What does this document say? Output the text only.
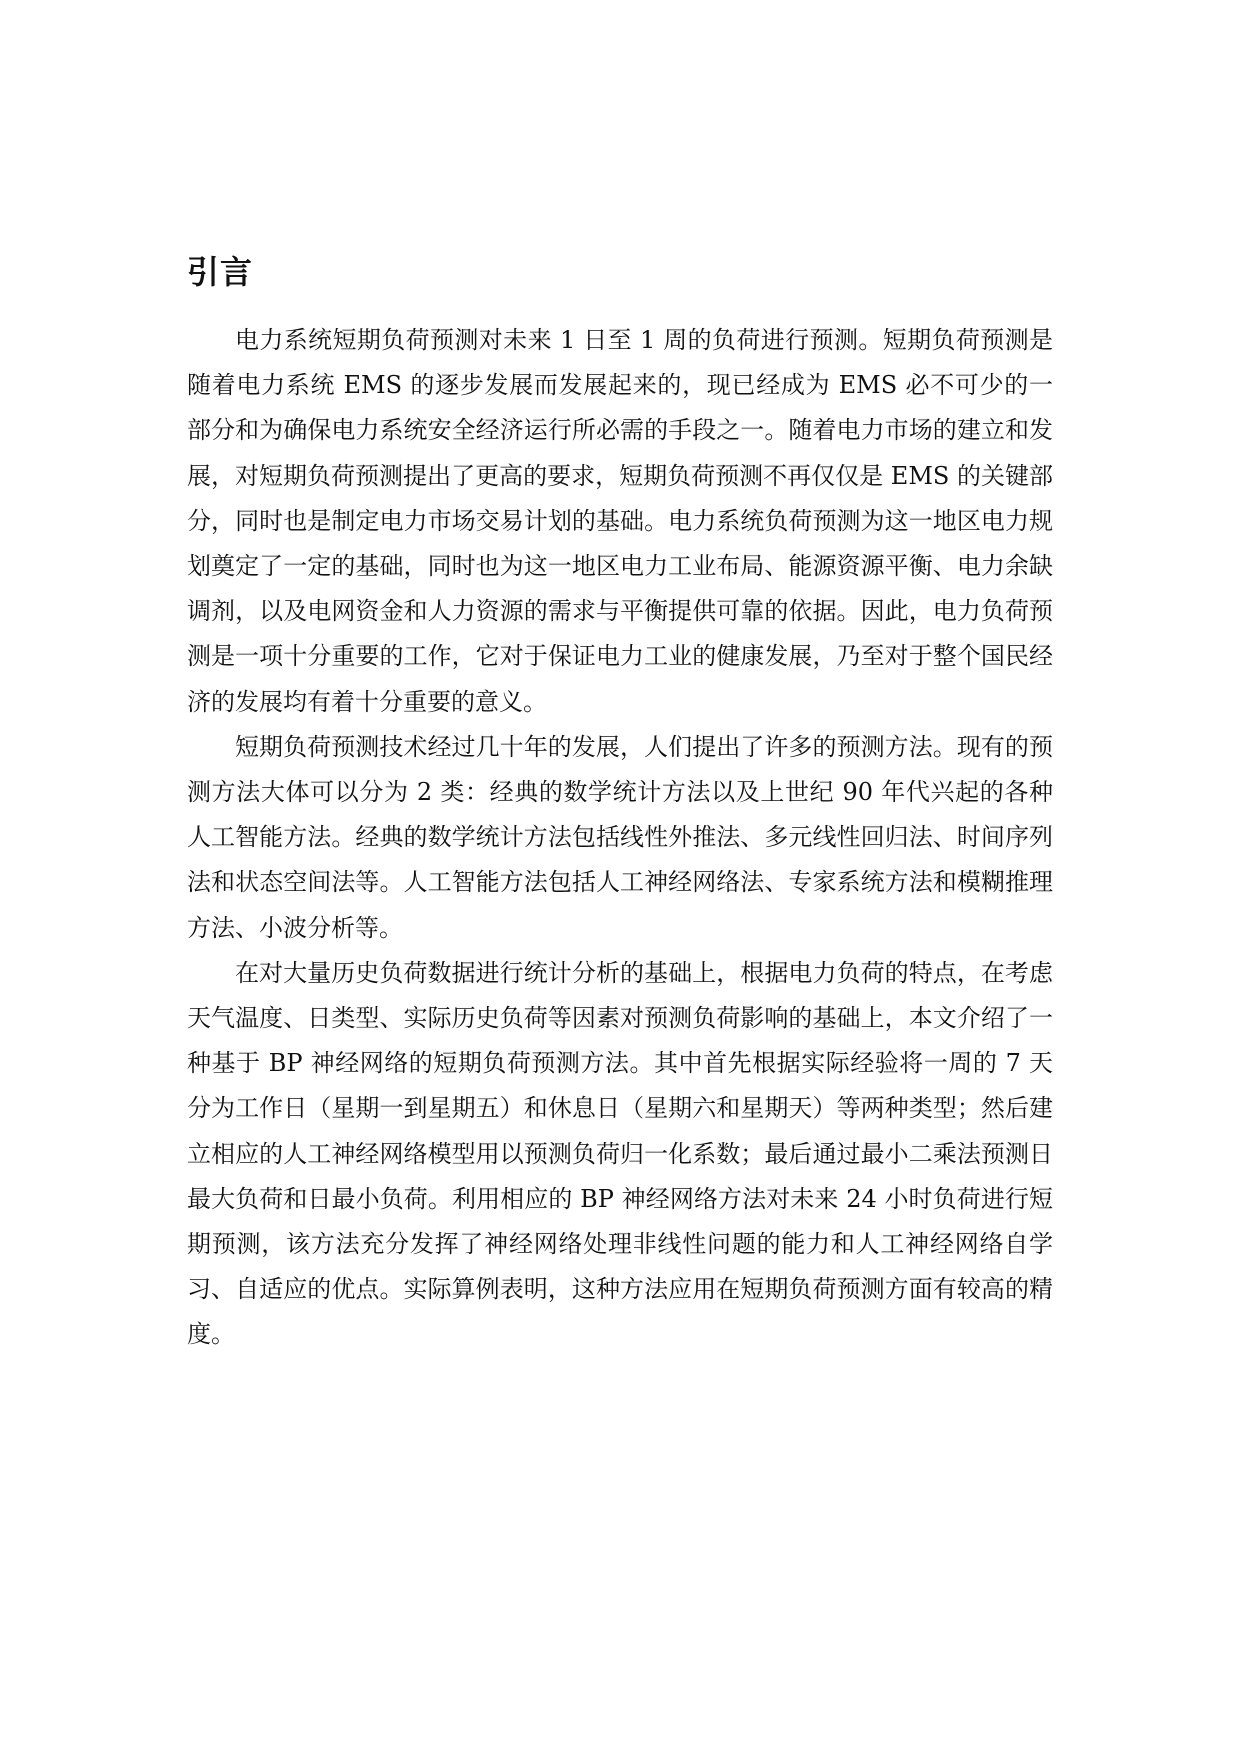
引言

电力系统短期负荷预测对未来 1 日至 1 周的负荷进行预测。短期负荷预测是随着电力系统 EMS 的逐步发展而发展起来的，现已经成为 EMS 必不可少的一部分和为确保电力系统安全经济运行所必需的手段之一。随着电力市场的建立和发展，对短期负荷预测提出了更高的要求，短期负荷预测不再仅仅是 EMS 的关键部分，同时也是制定电力市场交易计划的基础。电力系统负荷预测为这一地区电力规划奠定了一定的基础，同时也为这一地区电力工业布局、能源资源平衡、电力余缺调剂，以及电网资金和人力资源的需求与平衡提供可靠的依据。因此，电力负荷预测是一项十分重要的工作，它对于保证电力工业的健康发展，乃至对于整个国民经济的发展均有着十分重要的意义。

短期负荷预测技术经过几十年的发展，人们提出了许多的预测方法。现有的预测方法大体可以分为 2 类：经典的数学统计方法以及上世纪 90 年代兴起的各种人工智能方法。经典的数学统计方法包括线性外推法、多元线性回归法、时间序列法和状态空间法等。人工智能方法包括人工神经网络法、专家系统方法和模糊推理方法、小波分析等。

在对大量历史负荷数据进行统计分析的基础上，根据电力负荷的特点，在考虑天气温度、日类型、实际历史负荷等因素对预测负荷影响的基础上，本文介绍了一种基于 BP 神经网络的短期负荷预测方法。其中首先根据实际经验将一周的 7 天分为工作日（星期一到星期五）和休息日（星期六和星期天）等两种类型；然后建立相应的人工神经网络模型用以预测负荷归一化系数；最后通过最小二乘法预测日最大负荷和日最小负荷。利用相应的 BP 神经网络方法对未来 24 小时负荷进行短期预测，该方法充分发挥了神经网络处理非线性问题的能力和人工神经网络自学习、自适应的优点。实际算例表明，这种方法应用在短期负荷预测方面有较高的精度。
